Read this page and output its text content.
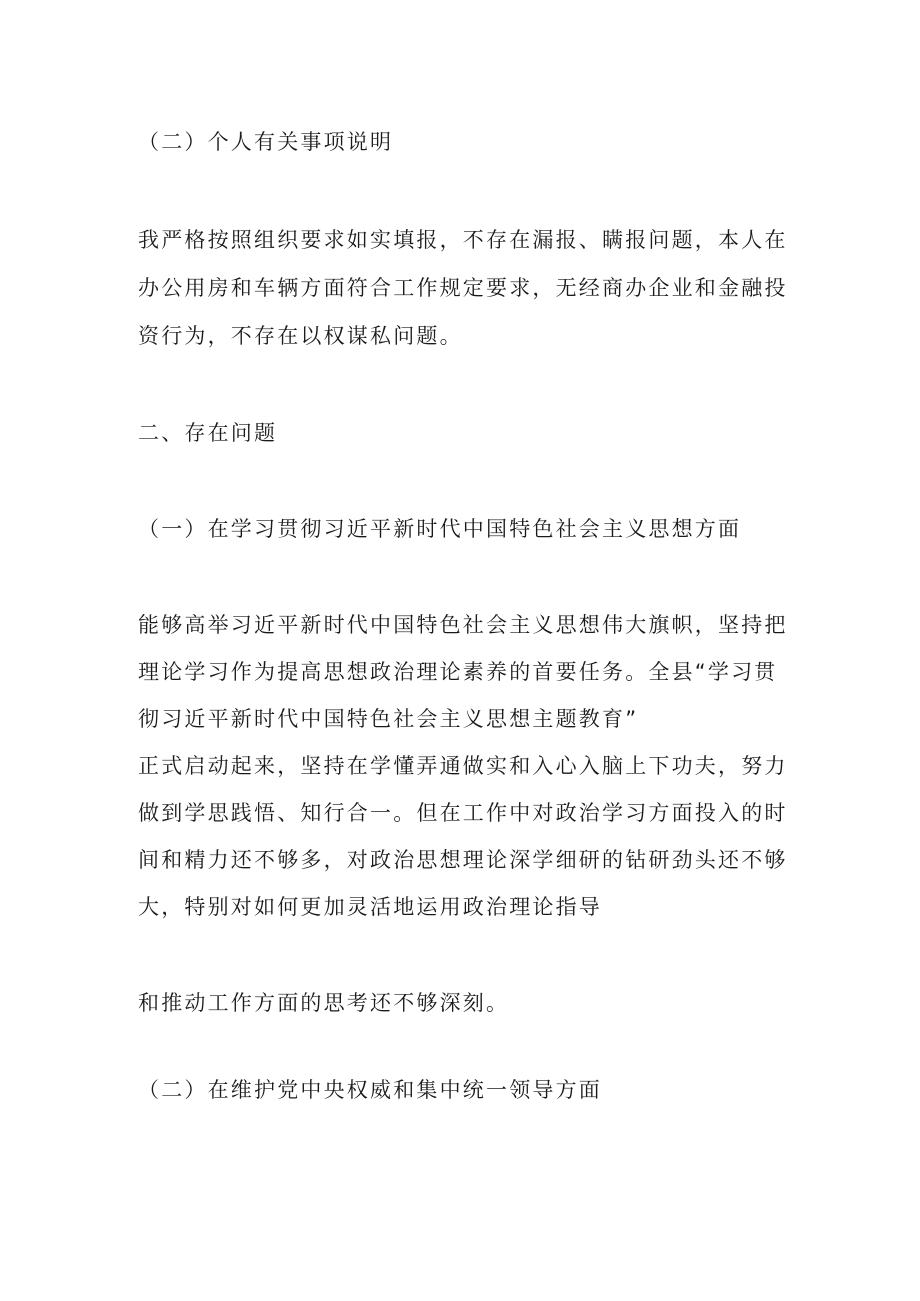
（二）个人有关事项说明
我严格按照组织要求如实填报，不存在漏报、瞒报问题，本人在
办公用房和车辆方面符合工作规定要求，无经商办企业和金融投
资行为，不存在以权谋私问题。
二、存在问题
（一）在学习贯彻习近平新时代中国特色社会主义思想方面
能够高举习近平新时代中国特色社会主义思想伟大旗帜，坚持把
理论学习作为提高思想政治理论素养的首要任务。全县“学习贯
彻习近平新时代中国特色社会主义思想主题教育”
正式启动起来，坚持在学懂弄通做实和入心入脑上下功夫，努力
做到学思践悟、知行合一。但在工作中对政治学习方面投入的时
间和精力还不够多，对政治思想理论深学细研的钻研劲头还不够
大，特别对如何更加灵活地运用政治理论指导
和推动工作方面的思考还不够深刻。
（二）在维护党中央权威和集中统一领导方面
